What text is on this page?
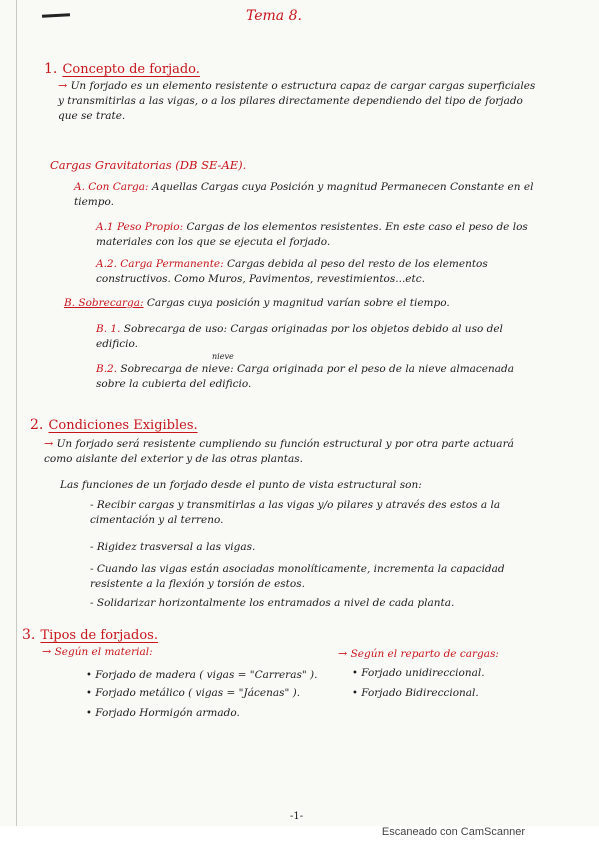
Tema 8.
1. Concepto de forjado.
→ Un forjado es un elemento resistente o estructura capaz de cargar cargas superficiales y transmitirlas a las vigas, o a los pilares directamente dependiendo del tipo de forjado que se trate.
Cargas Gravitatorias (DB SE-AE).
A. Con Carga: Aquellas Cargas cuya Posición y magnitud Permanecen Constante en el tiempo.
A.1 Peso Propio: Cargas de los elementos resistentes. En este caso el peso de los materiales con los que se ejecuta el forjado.
A.2. Carga Permanente: Cargas debida al peso del resto de los elementos constructivos. Como Muros, Pavimentos, revestimientos...etc.
B. Sobrecarga: Cargas cuya posición y magnitud varían sobre el tiempo.
B. 1. Sobrecarga de uso: Cargas originadas por los objetos debido al uso del edificio.
B.2. Sobrecarga de nieve: Carga originada por el peso de la nieve almacenada sobre la cubierta del edificio.
nieve
2. Condiciones Exigibles.
→ Un forjado será resistente cumpliendo su función estructural y por otra parte actuará como aislante del exterior y de las otras plantas.
Las funciones de un forjado desde el punto de vista estructural son:
- Recibir cargas y transmitirlas a las vigas y/o pilares y através des estos a la cimentación y al terreno.
- Rigidez trasversal a las vigas.
- Cuando las vigas están asociadas monolíticamente, incrementa la capacidad resistente a la flexión y torsión de estos.
- Solidarizar horizontalmente los entramados a nivel de cada planta.
3. Tipos de forjados.
→ Según el material:
• Forjado de madera ( vigas = "Carreras" ).
• Forjado metálico ( vigas = "Jácenas" ).
• Forjado Hormigón armado.
→ Según el reparto de cargas:
• Forjado unidireccional.
• Forjado Bidireccional.
-1-
Escaneado con CamScanner
